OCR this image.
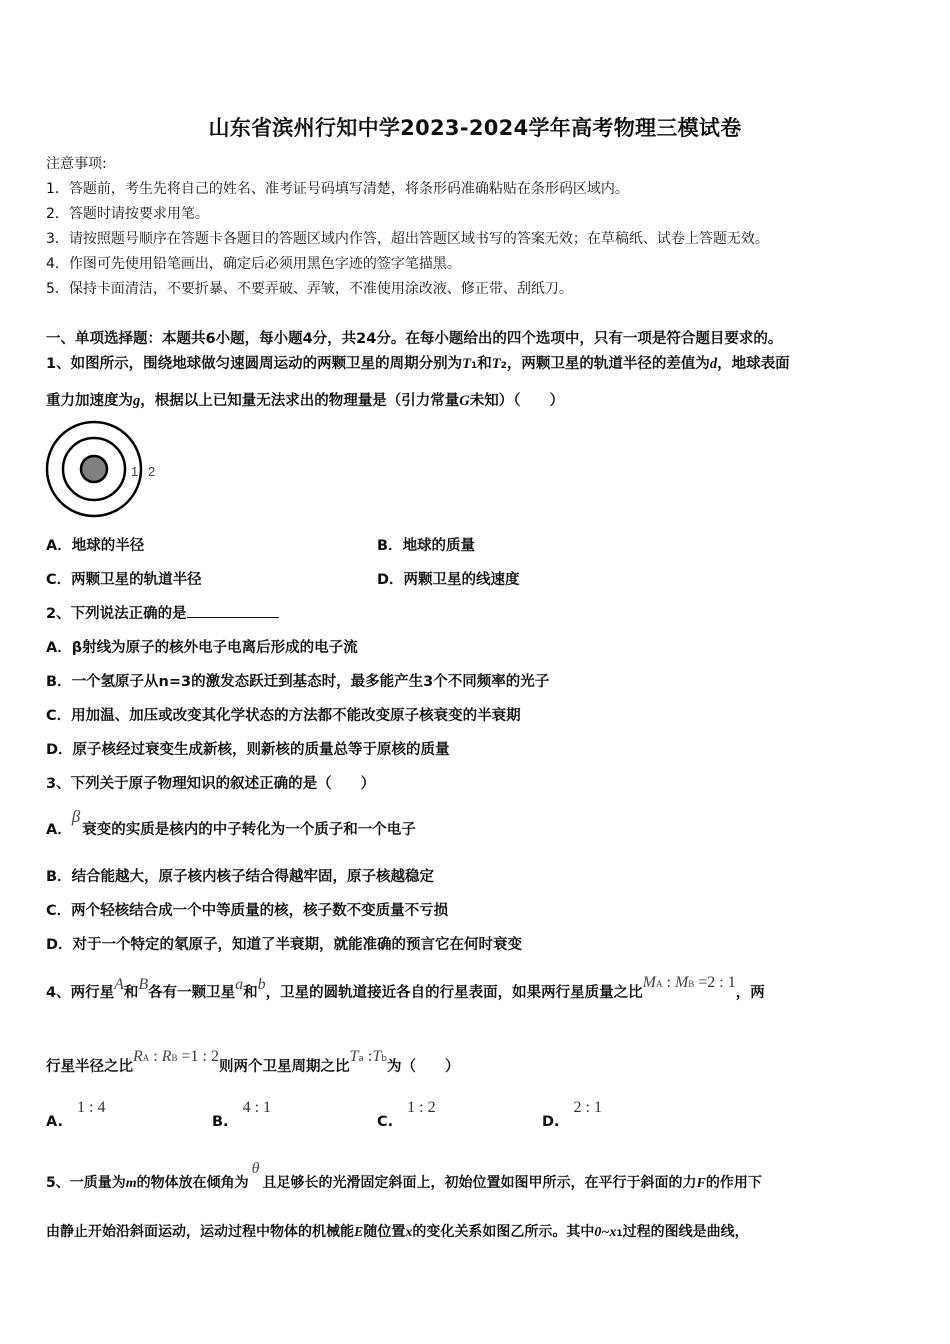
山东省滨州行知中学2023-2024学年高考物理三模试卷
注意事项:
1．答题前，考生先将自己的姓名、准考证号码填写清楚，将条形码准确粘贴在条形码区域内。
2．答题时请按要求用笔。
3．请按照题号顺序在答题卡各题目的答题区域内作答，超出答题区域书写的答案无效；在草稿纸、试卷上答题无效。
4．作图可先使用铅笔画出，确定后必须用黑色字迹的签字笔描黑。
5．保持卡面清洁，不要折暴、不要弄破、弄皱，不准使用涂改液、修正带、刮纸刀。
一、单项选择题：本题共6小题，每小题4分，共24分。在每小题给出的四个选项中，只有一项是符合题目要求的。
1、如图所示，围绕地球做匀速圆周运动的两颗卫星的周期分别为T1和T2，两颗卫星的轨道半径的差值为d，地球表面
重力加速度为g，根据以上已知量无法求出的物理量是（引力常量G未知）（　　）
1 2
A．地球的半径	B．地球的质量
C．两颗卫星的轨道半径	D．两颗卫星的线速度
2、下列说法正确的是
A．β射线为原子的核外电子电离后形成的电子流
B．一个氢原子从n=3的激发态跃迁到基态时，最多能产生3个不同频率的光子
C．用加温、加压或改变其化学状态的方法都不能改变原子核衰变的半衰期
D．原子核经过衰变生成新核，则新核的质量总等于原核的质量
3、下列关于原子物理知识的叙述正确的是（　　）
A．β衰变的实质是核内的中子转化为一个质子和一个电子
B．结合能越大，原子核内核子结合得越牢固，原子核越稳定
C．两个轻核结合成一个中等质量的核，核子数不变质量不亏损
D．对于一个特定的氡原子，知道了半衰期，就能准确的预言它在何时衰变
4、两行星A和B各有一颗卫星a和b，卫星的圆轨道接近各自的行星表面，如果两行星质量之比MA : MB =2 : 1，两
行星半径之比RA : RB =1 : 2则两个卫星周期之比Ta :Tb为（　　）
A.1 : 4
B.4 : 1
C.1 : 2
D.2 : 1
5、一质量为m的物体放在倾角为θ且足够长的光滑固定斜面上，初始位置如图甲所示，在平行于斜面的力F的作用下
由静止开始沿斜面运动，运动过程中物体的机械能E随位置x的变化关系如图乙所示。其中0~x1过程的图线是曲线，
